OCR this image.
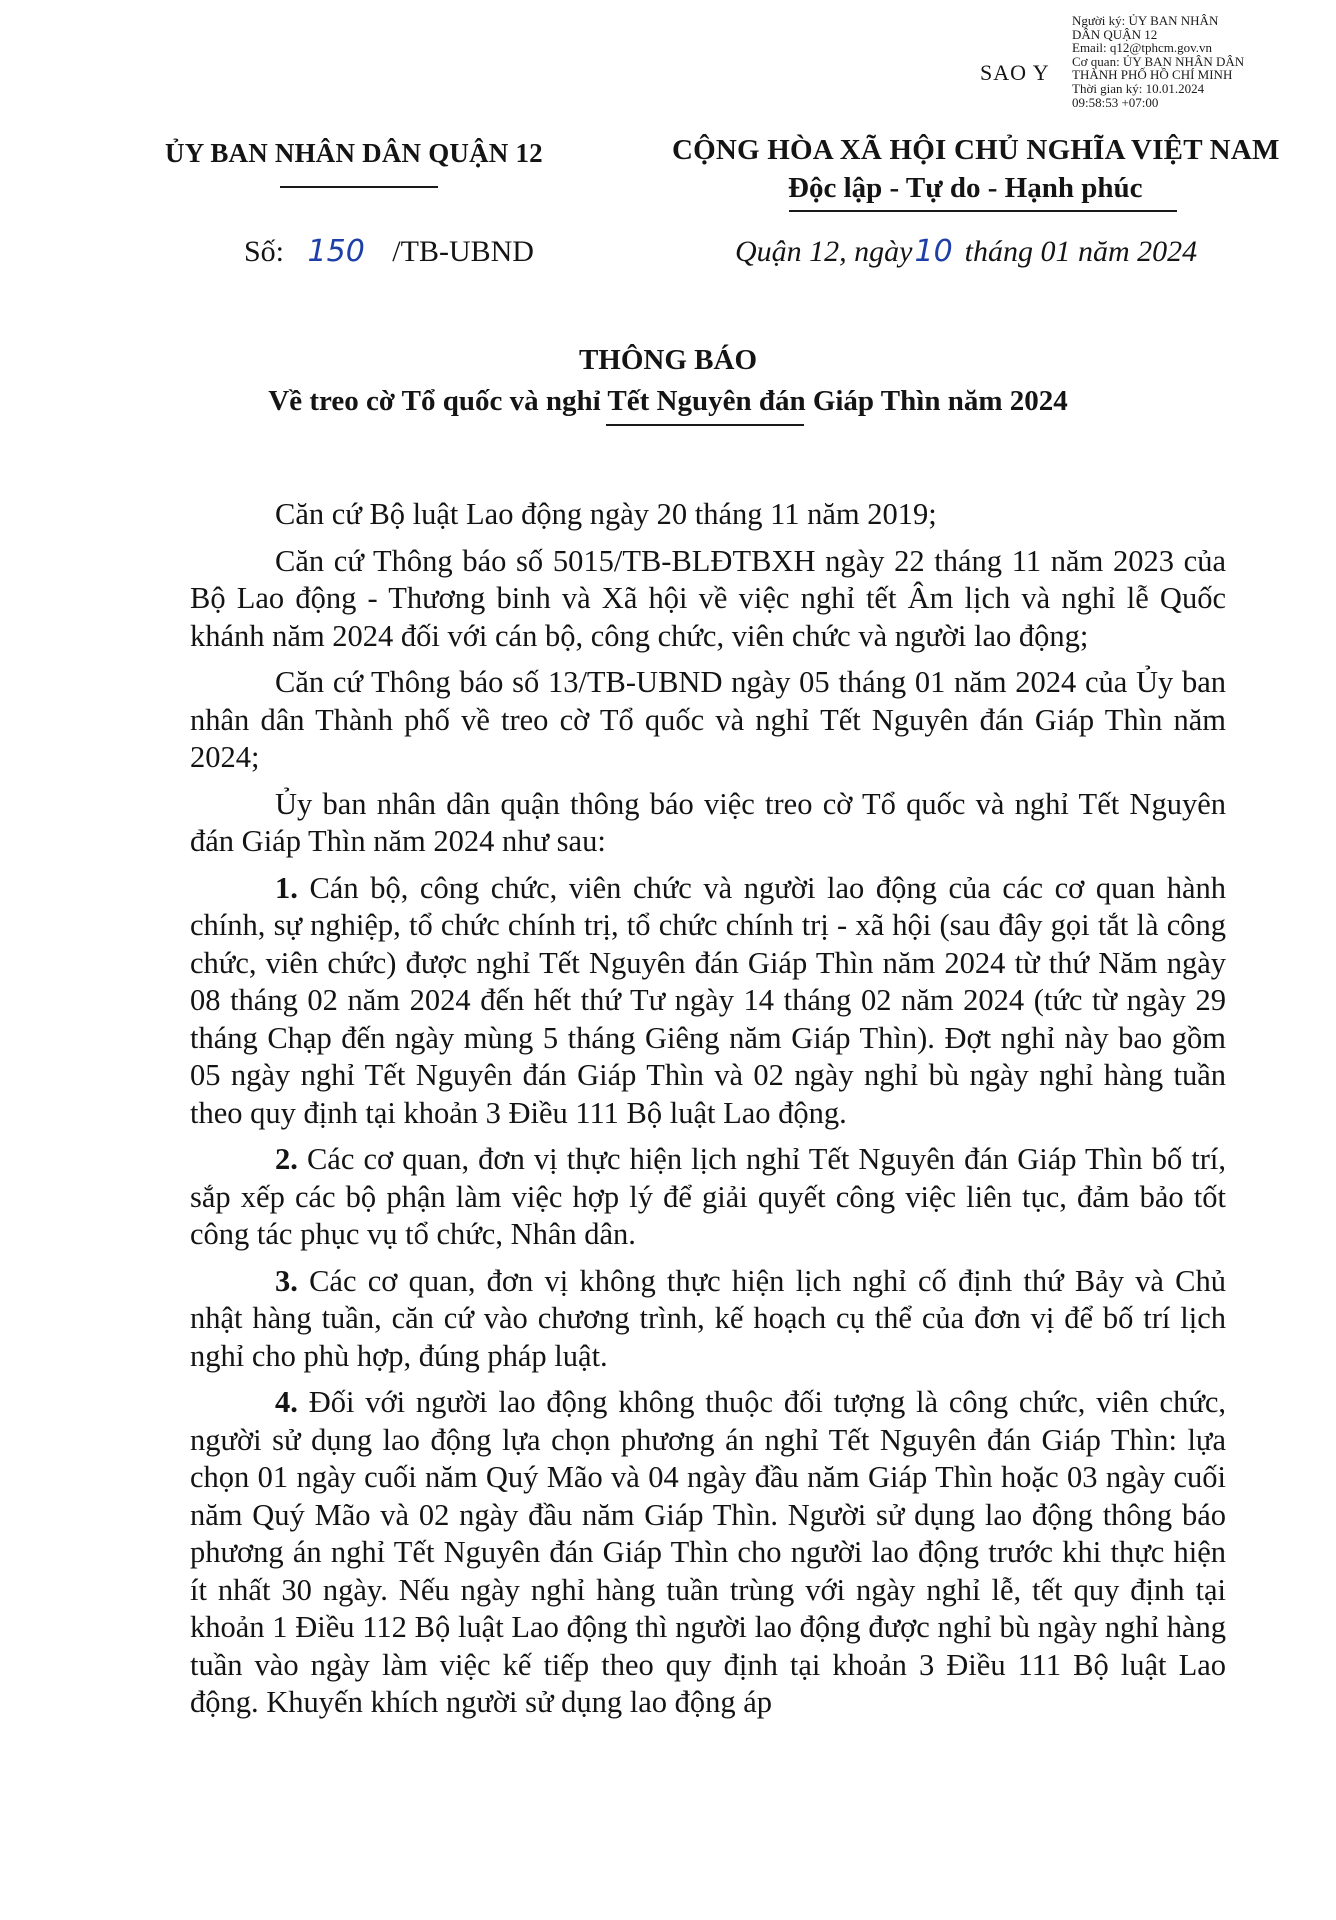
SAO Y
Người ký: ỦY BAN NHÂN
DÂN QUẬN 12
Email: q12@tphcm.gov.vn
Cơ quan: ỦY BAN NHÂN DÂN
THÀNH PHỐ HỒ CHÍ MINH
Thời gian ký: 10.01.2024
09:58:53 +07:00
ỦY BAN NHÂN DÂN QUẬN 12	CỘNG HÒA XÃ HỘI CHỦ NGHĨA VIỆT NAM
Độc lập - Tự do - Hạnh phúc
Số: 150 /TB-UBND	Quận 12, ngày10 tháng 01 năm 2024
THÔNG BÁO
Về treo cờ Tổ quốc và nghỉ Tết Nguyên đán Giáp Thìn năm 2024

Căn cứ Bộ luật Lao động ngày 20 tháng 11 năm 2019;

Căn cứ Thông báo số 5015/TB-BLĐTBXH ngày 22 tháng 11 năm 2023 của Bộ Lao động - Thương binh và Xã hội về việc nghỉ tết Âm lịch và nghỉ lễ Quốc khánh năm 2024 đối với cán bộ, công chức, viên chức và người lao động;

Căn cứ Thông báo số 13/TB-UBND ngày 05 tháng 01 năm 2024 của Ủy ban nhân dân Thành phố về treo cờ Tổ quốc và nghỉ Tết Nguyên đán Giáp Thìn năm 2024;

Ủy ban nhân dân quận thông báo việc treo cờ Tổ quốc và nghỉ Tết Nguyên đán Giáp Thìn năm 2024 như sau:

1. Cán bộ, công chức, viên chức và người lao động của các cơ quan hành chính, sự nghiệp, tổ chức chính trị, tổ chức chính trị - xã hội (sau đây gọi tắt là công chức, viên chức) được nghỉ Tết Nguyên đán Giáp Thìn năm 2024 từ thứ Năm ngày 08 tháng 02 năm 2024 đến hết thứ Tư ngày 14 tháng 02 năm 2024 (tức từ ngày 29 tháng Chạp đến ngày mùng 5 tháng Giêng năm Giáp Thìn). Đợt nghỉ này bao gồm 05 ngày nghỉ Tết Nguyên đán Giáp Thìn và 02 ngày nghỉ bù ngày nghỉ hàng tuần theo quy định tại khoản 3 Điều 111 Bộ luật Lao động.

2. Các cơ quan, đơn vị thực hiện lịch nghỉ Tết Nguyên đán Giáp Thìn bố trí, sắp xếp các bộ phận làm việc hợp lý để giải quyết công việc liên tục, đảm bảo tốt công tác phục vụ tổ chức, Nhân dân.

3. Các cơ quan, đơn vị không thực hiện lịch nghỉ cố định thứ Bảy và Chủ nhật hàng tuần, căn cứ vào chương trình, kế hoạch cụ thể của đơn vị để bố trí lịch nghỉ cho phù hợp, đúng pháp luật.

4. Đối với người lao động không thuộc đối tượng là công chức, viên chức, người sử dụng lao động lựa chọn phương án nghỉ Tết Nguyên đán Giáp Thìn: lựa chọn 01 ngày cuối năm Quý Mão và 04 ngày đầu năm Giáp Thìn hoặc 03 ngày cuối năm Quý Mão và 02 ngày đầu năm Giáp Thìn. Người sử dụng lao động thông báo phương án nghỉ Tết Nguyên đán Giáp Thìn cho người lao động trước khi thực hiện ít nhất 30 ngày. Nếu ngày nghỉ hàng tuần trùng với ngày nghỉ lễ, tết quy định tại khoản 1 Điều 112 Bộ luật Lao động thì người lao động được nghỉ bù ngày nghỉ hàng tuần vào ngày làm việc kế tiếp theo quy định tại khoản 3 Điều 111 Bộ luật Lao động. Khuyến khích người sử dụng lao động áp
